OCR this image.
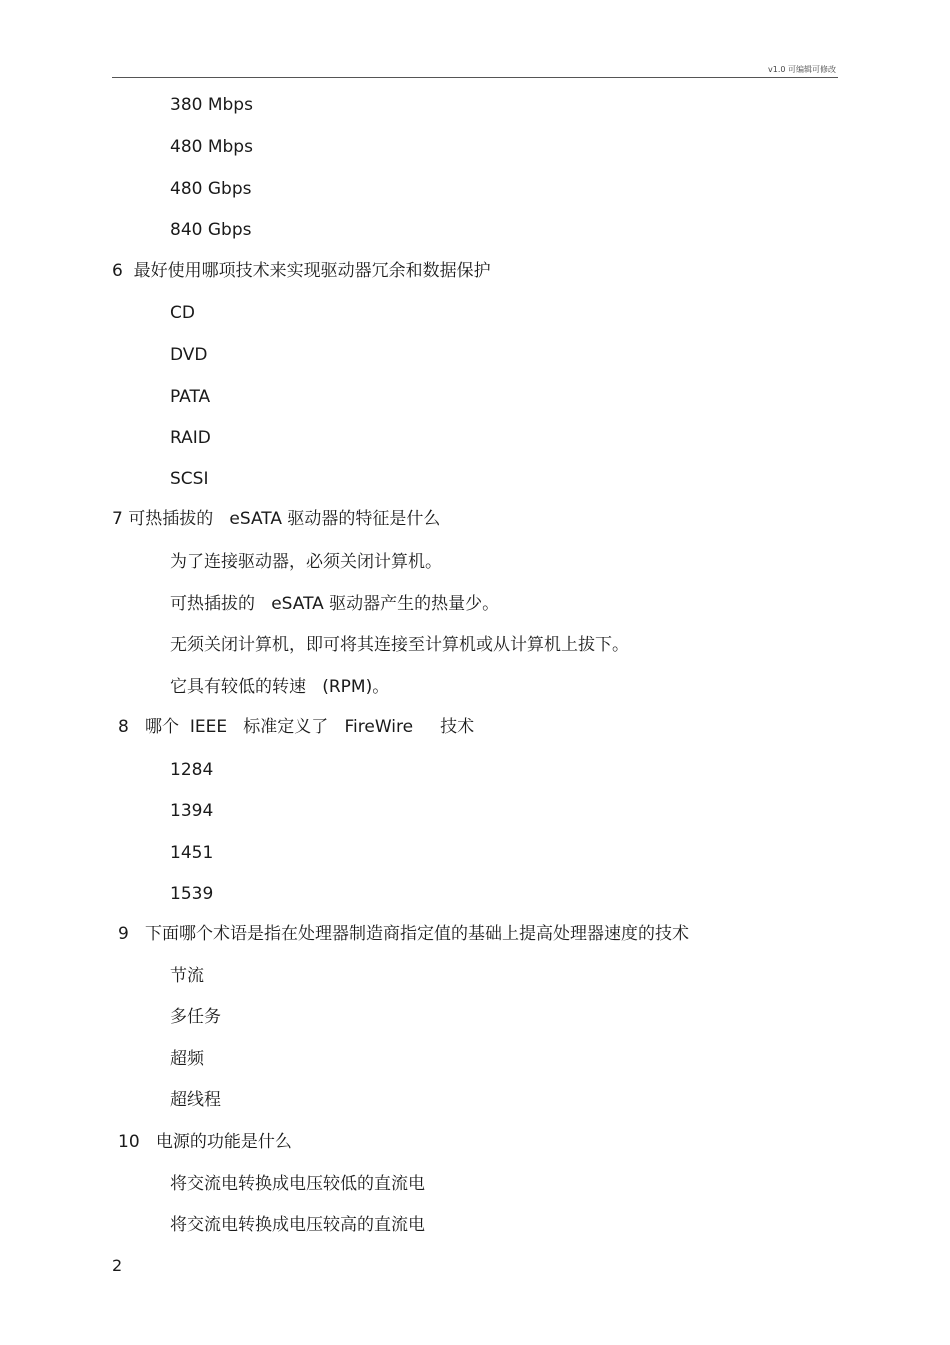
v1.0 可编辑可修改
380 Mbps
480 Mbps
480 Gbps
840 Gbps
6  最好使用哪项技术来实现驱动器冗余和数据保护
CD
DVD
PATA
RAID
SCSI
7 可热插拔的   eSATA 驱动器的特征是什么
为了连接驱动器，必须关闭计算机。
可热插拔的   eSATA 驱动器产生的热量少。
无须关闭计算机，即可将其连接至计算机或从计算机上拔下。
它具有较低的转速   (RPM)。
8   哪个  IEEE   标准定义了   FireWire     技术
1284
1394
1451
1539
9   下面哪个术语是指在处理器制造商指定值的基础上提高处理器速度的技术
节流
多任务
超频
超线程
10   电源的功能是什么
将交流电转换成电压较低的直流电
将交流电转换成电压较高的直流电
2
